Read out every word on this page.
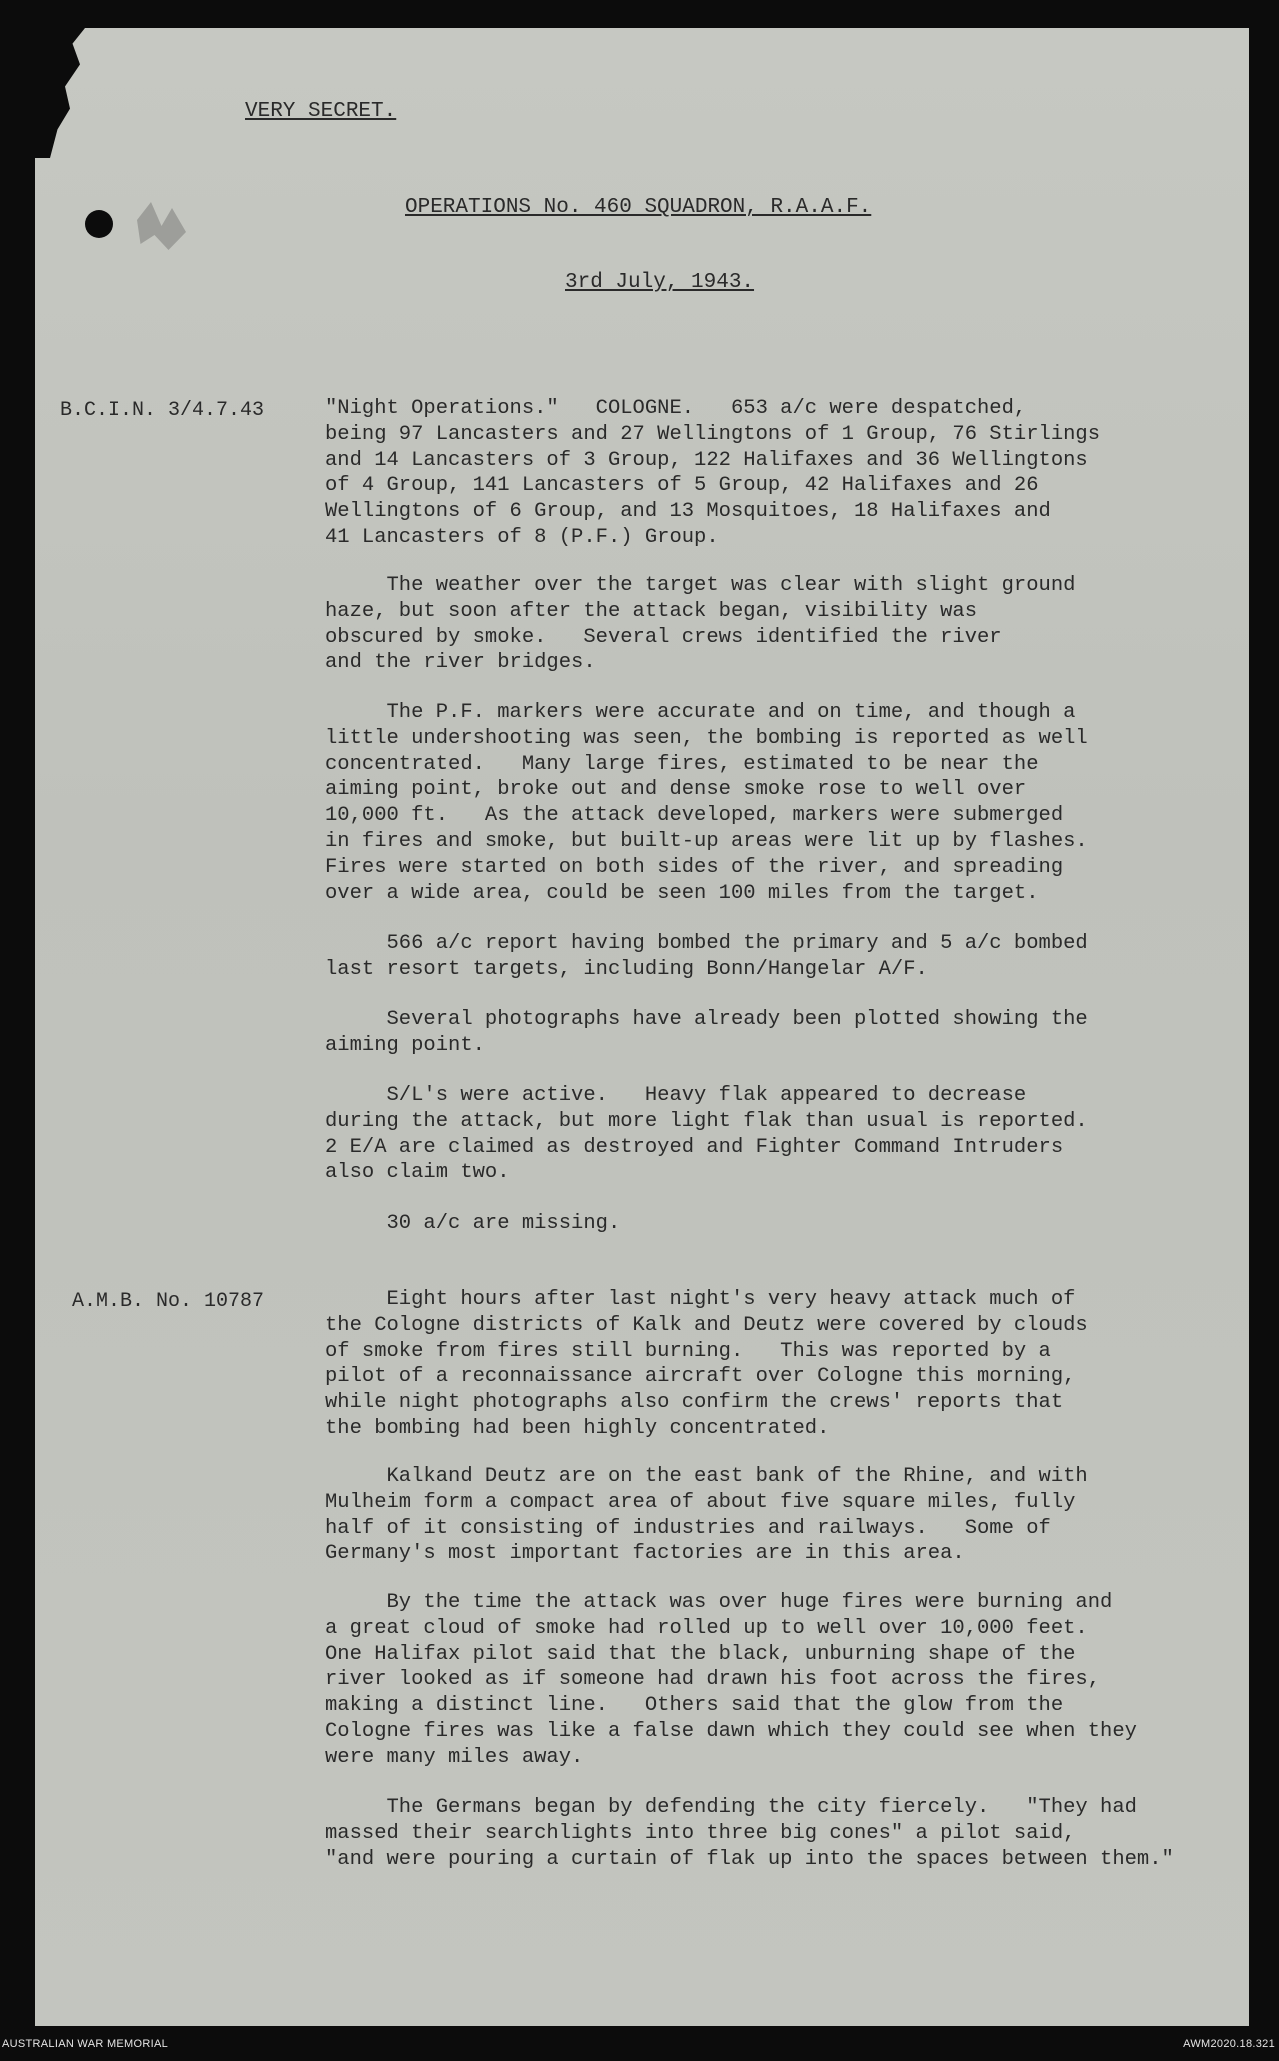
VERY SECRET.
OPERATIONS No. 460 SQUADRON, R.A.A.F.
3rd July, 1943.
B.C.I.N. 3/4.7.43	"Night Operations."   COLOGNE.   653 a/c were despatched,
being 97 Lancasters and 27 Wellingtons of 1 Group, 76 Stirlings
and 14 Lancasters of 3 Group, 122 Halifaxes and 36 Wellingtons
of 4 Group, 141 Lancasters of 5 Group, 42 Halifaxes and 26
Wellingtons of 6 Group, and 13 Mosquitoes, 18 Halifaxes and
41 Lancasters of 8 (P.F.) Group.

The weather over the target was clear with slight ground
haze, but soon after the attack began, visibility was
obscured by smoke.   Several crews identified the river
and the river bridges.

The P.F. markers were accurate and on time, and though a
little undershooting was seen, the bombing is reported as well
concentrated.   Many large fires, estimated to be near the
aiming point, broke out and dense smoke rose to well over
10,000 ft.   As the attack developed, markers were submerged
in fires and smoke, but built-up areas were lit up by flashes.
Fires were started on both sides of the river, and spreading
over a wide area, could be seen 100 miles from the target.

566 a/c report having bombed the primary and 5 a/c bombed
last resort targets, including Bonn/Hangelar A/F.

Several photographs have already been plotted showing the
aiming point.

S/L's were active.   Heavy flak appeared to decrease
during the attack, but more light flak than usual is reported.
2 E/A are claimed as destroyed and Fighter Command Intruders
also claim two.

30 a/c are missing.

A.M.B. No. 10787	Eight hours after last night's very heavy attack much of
the Cologne districts of Kalk and Deutz were covered by clouds
of smoke from fires still burning.   This was reported by a
pilot of a reconnaissance aircraft over Cologne this morning,
while night photographs also confirm the crews' reports that
the bombing had been highly concentrated.

Kalkand Deutz are on the east bank of the Rhine, and with
Mulheim form a compact area of about five square miles, fully
half of it consisting of industries and railways.   Some of
Germany's most important factories are in this area.

By the time the attack was over huge fires were burning and
a great cloud of smoke had rolled up to well over 10,000 feet.
One Halifax pilot said that the black, unburning shape of the
river looked as if someone had drawn his foot across the fires,
making a distinct line.   Others said that the glow from the
Cologne fires was like a false dawn which they could see when they
were many miles away.

The Germans began by defending the city fiercely.   "They had
massed their searchlights into three big cones" a pilot said,
"and were pouring a curtain of flak up into the spaces between them."

AUSTRALIAN WAR MEMORIAL	AWM2020.18.321
